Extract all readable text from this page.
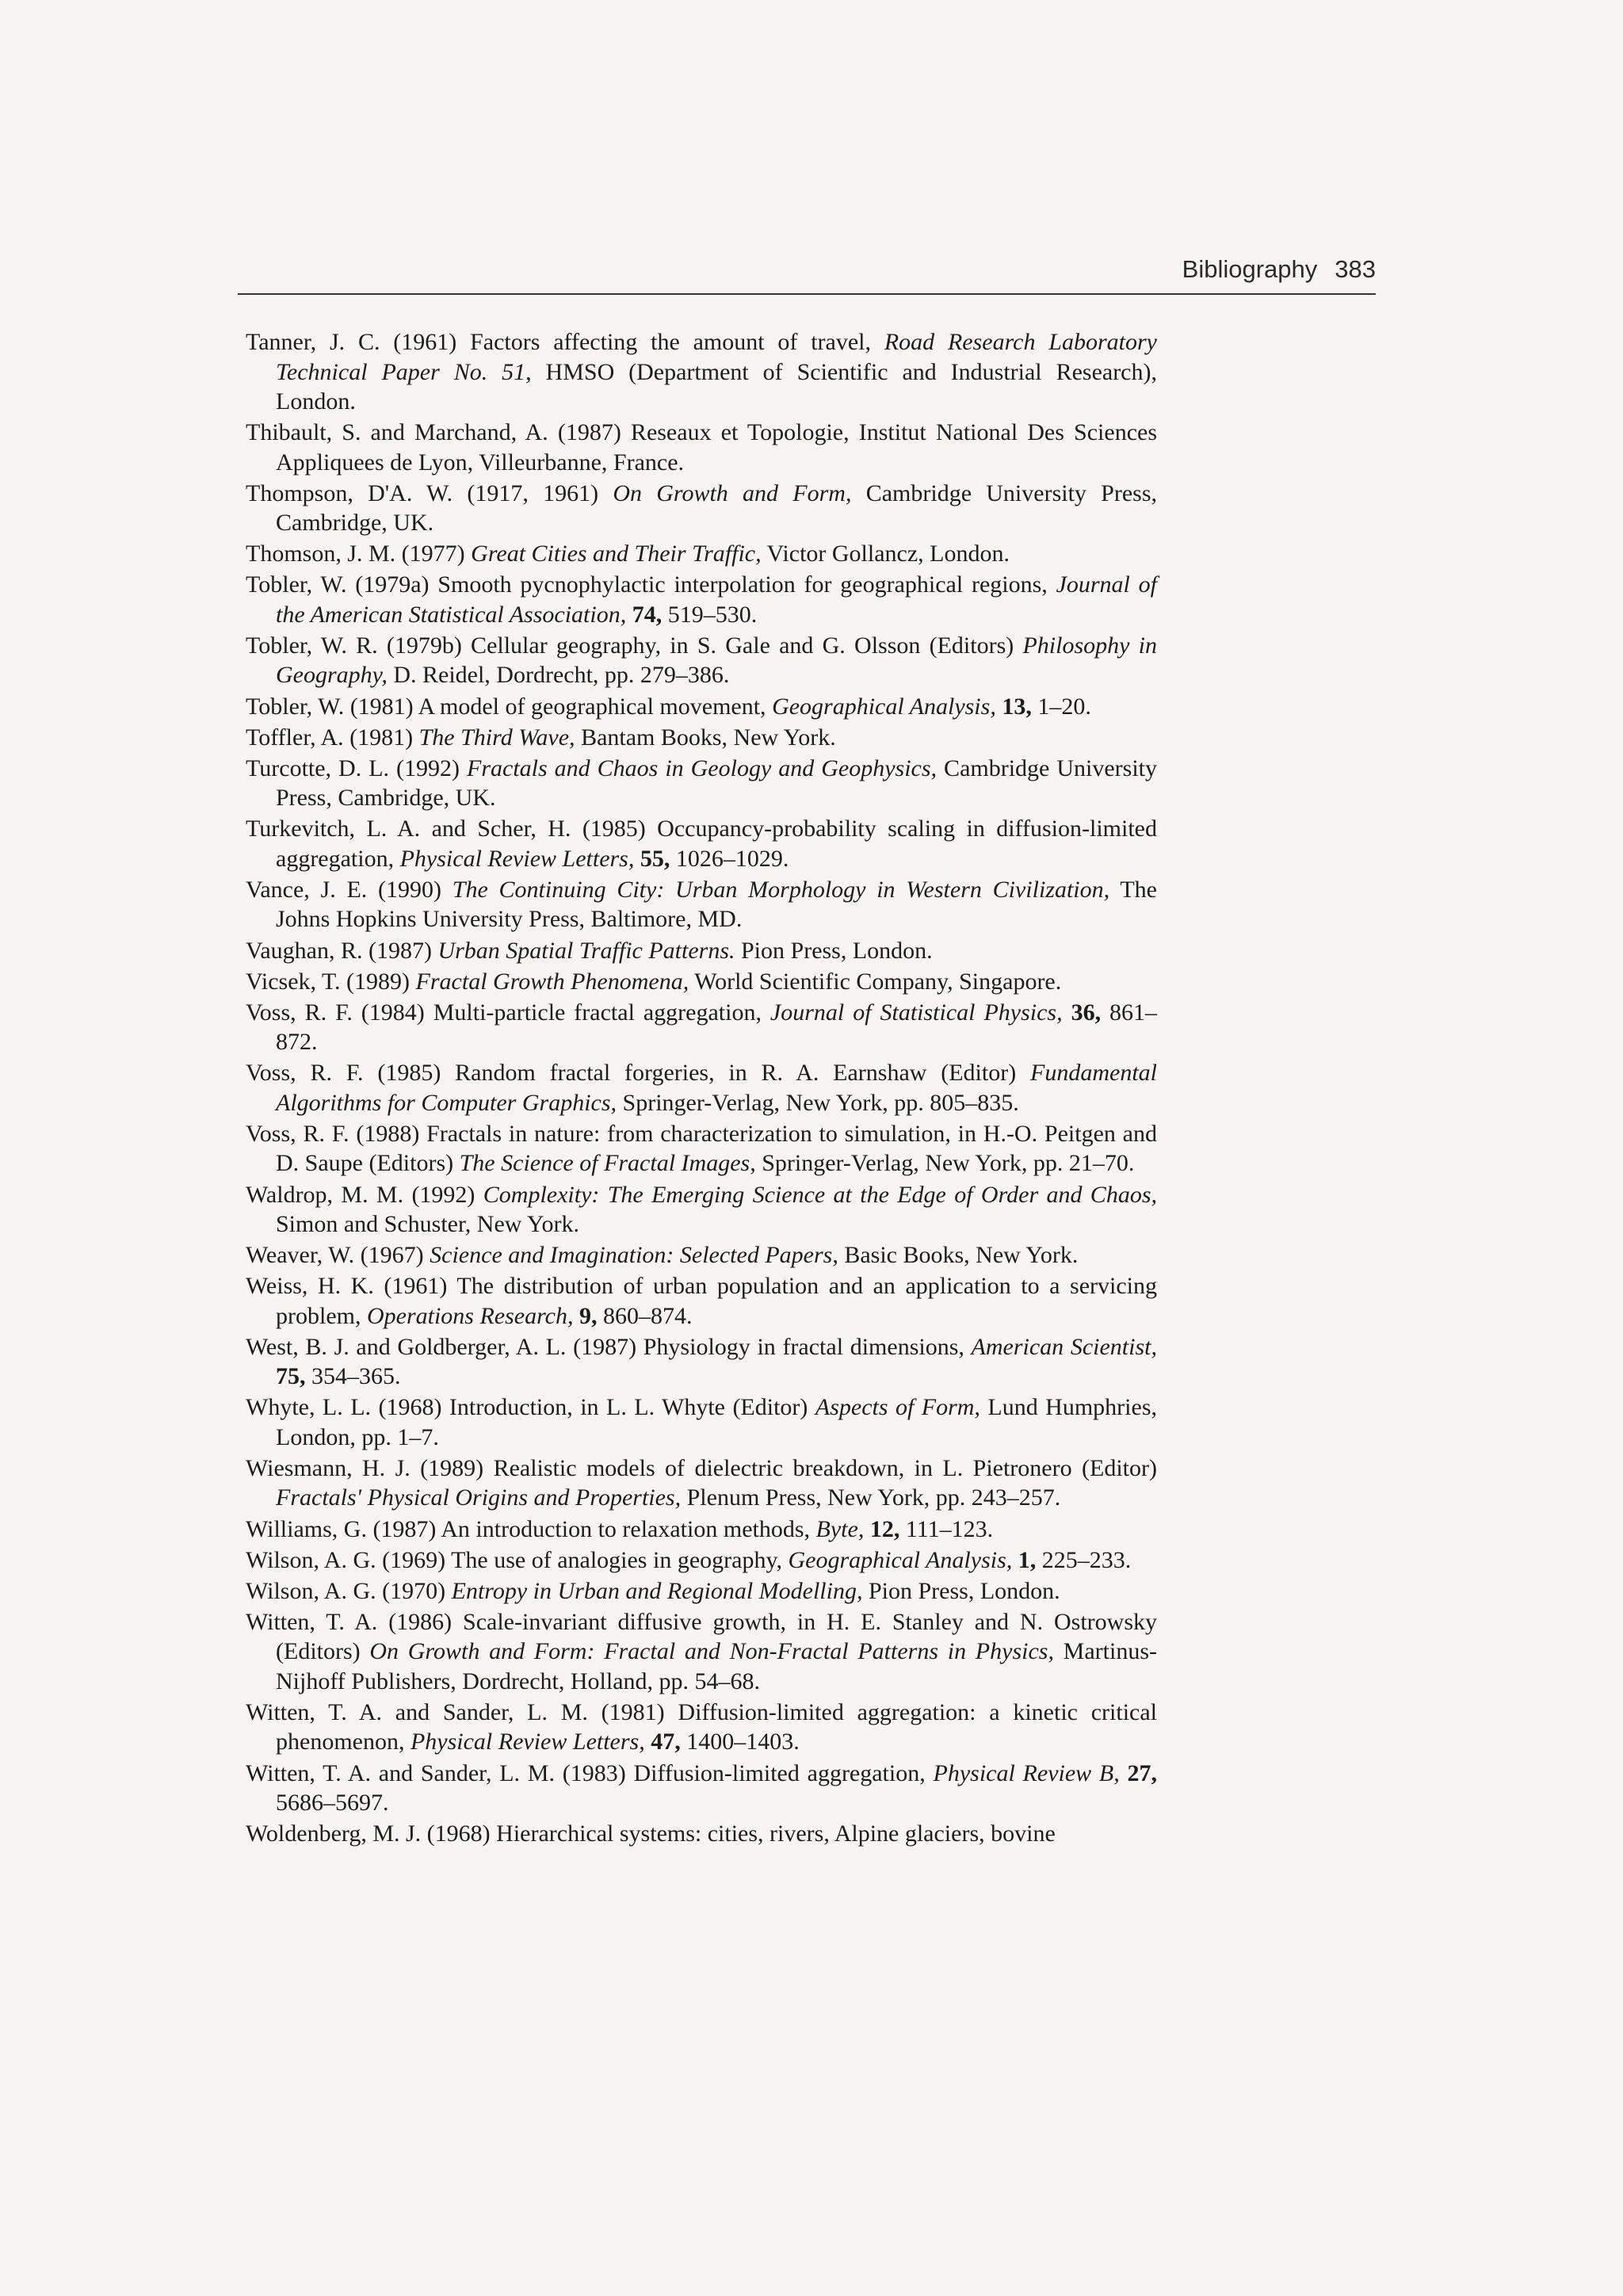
Bibliography 383
Tanner, J. C. (1961) Factors affecting the amount of travel, Road Research Laboratory Technical Paper No. 51, HMSO (Department of Scientific and Industrial Research), London.
Thibault, S. and Marchand, A. (1987) Reseaux et Topologie, Institut National Des Sciences Appliquees de Lyon, Villeurbanne, France.
Thompson, D'A. W. (1917, 1961) On Growth and Form, Cambridge University Press, Cambridge, UK.
Thomson, J. M. (1977) Great Cities and Their Traffic, Victor Gollancz, London.
Tobler, W. (1979a) Smooth pycnophylactic interpolation for geographical regions, Journal of the American Statistical Association, 74, 519–530.
Tobler, W. R. (1979b) Cellular geography, in S. Gale and G. Olsson (Editors) Philosophy in Geography, D. Reidel, Dordrecht, pp. 279–386.
Tobler, W. (1981) A model of geographical movement, Geographical Analysis, 13, 1–20.
Toffler, A. (1981) The Third Wave, Bantam Books, New York.
Turcotte, D. L. (1992) Fractals and Chaos in Geology and Geophysics, Cambridge University Press, Cambridge, UK.
Turkevitch, L. A. and Scher, H. (1985) Occupancy-probability scaling in diffusion-limited aggregation, Physical Review Letters, 55, 1026–1029.
Vance, J. E. (1990) The Continuing City: Urban Morphology in Western Civilization, The Johns Hopkins University Press, Baltimore, MD.
Vaughan, R. (1987) Urban Spatial Traffic Patterns. Pion Press, London.
Vicsek, T. (1989) Fractal Growth Phenomena, World Scientific Company, Singapore.
Voss, R. F. (1984) Multi-particle fractal aggregation, Journal of Statistical Physics, 36, 861–872.
Voss, R. F. (1985) Random fractal forgeries, in R. A. Earnshaw (Editor) Fundamental Algorithms for Computer Graphics, Springer-Verlag, New York, pp. 805–835.
Voss, R. F. (1988) Fractals in nature: from characterization to simulation, in H.-O. Peitgen and D. Saupe (Editors) The Science of Fractal Images, Springer-Verlag, New York, pp. 21–70.
Waldrop, M. M. (1992) Complexity: The Emerging Science at the Edge of Order and Chaos, Simon and Schuster, New York.
Weaver, W. (1967) Science and Imagination: Selected Papers, Basic Books, New York.
Weiss, H. K. (1961) The distribution of urban population and an application to a servicing problem, Operations Research, 9, 860–874.
West, B. J. and Goldberger, A. L. (1987) Physiology in fractal dimensions, American Scientist, 75, 354–365.
Whyte, L. L. (1968) Introduction, in L. L. Whyte (Editor) Aspects of Form, Lund Humphries, London, pp. 1–7.
Wiesmann, H. J. (1989) Realistic models of dielectric breakdown, in L. Pietronero (Editor) Fractals' Physical Origins and Properties, Plenum Press, New York, pp. 243–257.
Williams, G. (1987) An introduction to relaxation methods, Byte, 12, 111–123.
Wilson, A. G. (1969) The use of analogies in geography, Geographical Analysis, 1, 225–233.
Wilson, A. G. (1970) Entropy in Urban and Regional Modelling, Pion Press, London.
Witten, T. A. (1986) Scale-invariant diffusive growth, in H. E. Stanley and N. Ostrowsky (Editors) On Growth and Form: Fractal and Non-Fractal Patterns in Physics, Martinus-Nijhoff Publishers, Dordrecht, Holland, pp. 54–68.
Witten, T. A. and Sander, L. M. (1981) Diffusion-limited aggregation: a kinetic critical phenomenon, Physical Review Letters, 47, 1400–1403.
Witten, T. A. and Sander, L. M. (1983) Diffusion-limited aggregation, Physical Review B, 27, 5686–5697.
Woldenberg, M. J. (1968) Hierarchical systems: cities, rivers, Alpine glaciers, bovine
